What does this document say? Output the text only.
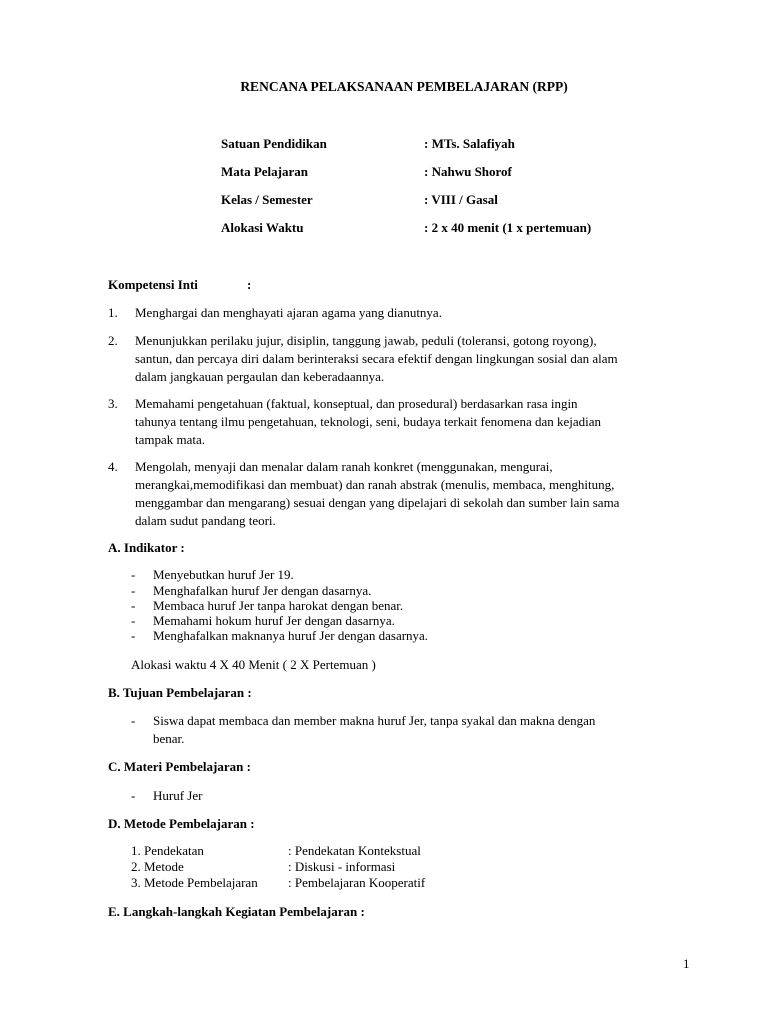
RENCANA PELAKSANAAN PEMBELAJARAN (RPP)
Satuan Pendidikan	: MTs. Salafiyah
Mata Pelajaran	: Nahwu Shorof
Kelas / Semester	: VIII / Gasal
Alokasi Waktu	: 2 x 40 menit (1 x pertemuan)
Kompetensi Inti	:
1. Menghargai dan menghayati ajaran agama yang dianutnya.
2. Menunjukkan perilaku jujur, disiplin, tanggung jawab, peduli (toleransi, gotong royong),
santun, dan percaya diri dalam berinteraksi secara efektif dengan lingkungan sosial dan alam
dalam jangkauan pergaulan dan keberadaannya.
3. Memahami pengetahuan (faktual, konseptual, dan prosedural) berdasarkan rasa ingin
tahunya tentang ilmu pengetahuan, teknologi, seni, budaya terkait fenomena dan kejadian
tampak mata.
4. Mengolah, menyaji dan menalar dalam ranah konkret (menggunakan, mengurai,
merangkai,memodifikasi dan membuat) dan ranah abstrak (menulis, membaca, menghitung,
menggambar dan mengarang) sesuai dengan yang dipelajari di sekolah dan sumber lain sama
dalam sudut pandang teori.
A. Indikator :
- Menyebutkan huruf Jer 19.
- Menghafalkan huruf Jer dengan dasarnya.
- Membaca huruf Jer tanpa harokat dengan benar.
- Memahami hokum huruf Jer dengan dasarnya.
- Menghafalkan maknanya huruf Jer dengan dasarnya.
Alokasi waktu 4 X 40 Menit ( 2 X Pertemuan )
B. Tujuan Pembelajaran :
- Siswa dapat membaca dan member makna huruf Jer, tanpa syakal dan makna dengan
benar.
C. Materi Pembelajaran :
- Huruf Jer
D. Metode Pembelajaran :
1. Pendekatan	: Pendekatan Kontekstual
2. Metode	: Diskusi - informasi
3. Metode Pembelajaran : Pembelajaran Kooperatif
E. Langkah-langkah Kegiatan Pembelajaran :
1
